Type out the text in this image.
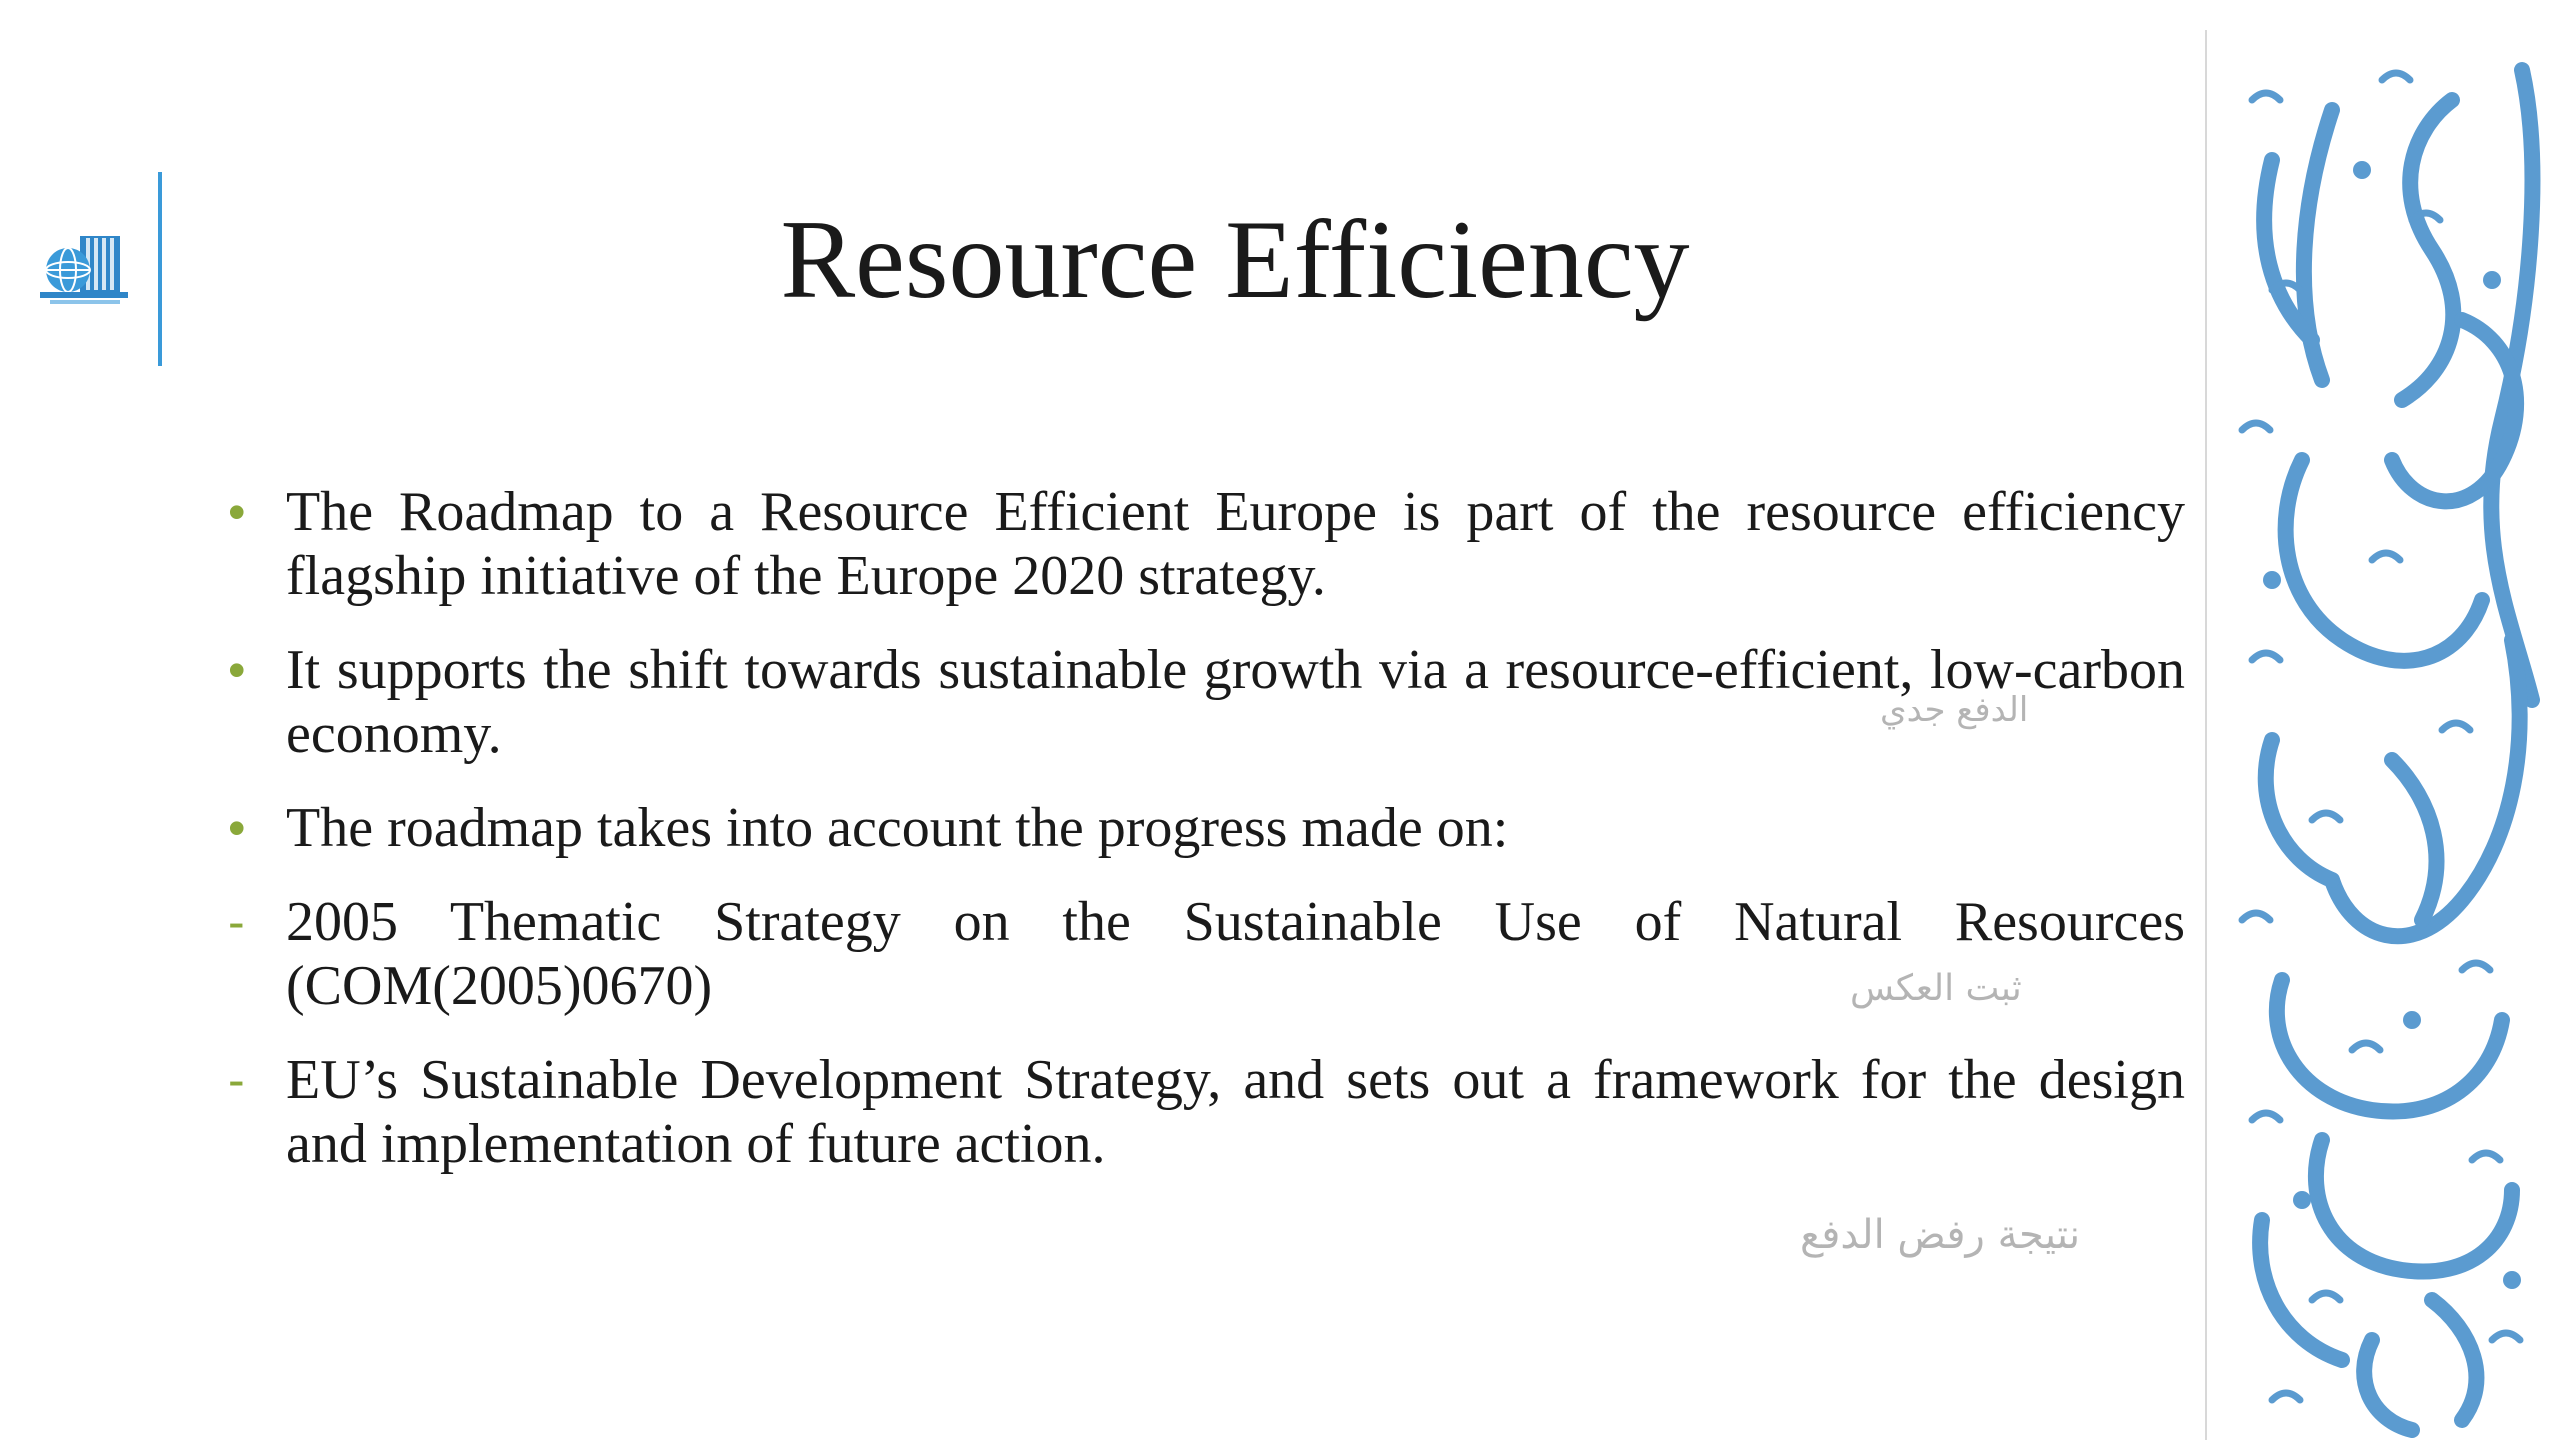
Resource Efficiency
• The Roadmap to a Resource Efficient Europe is part of the resource efficiency flagship initiative of the Europe 2020 strategy.
• It supports the shift towards sustainable growth via a resource-efficient, low-carbon economy.
• The roadmap takes into account the progress made on:
- 2005 Thematic Strategy on the Sustainable Use of Natural Resources (COM(2005)0670)
- EU’s Sustainable Development Strategy, and sets out a framework for the design and implementation of future action.
الدفع جدي
ثبت العكس
نتيجة رفض الدفع
